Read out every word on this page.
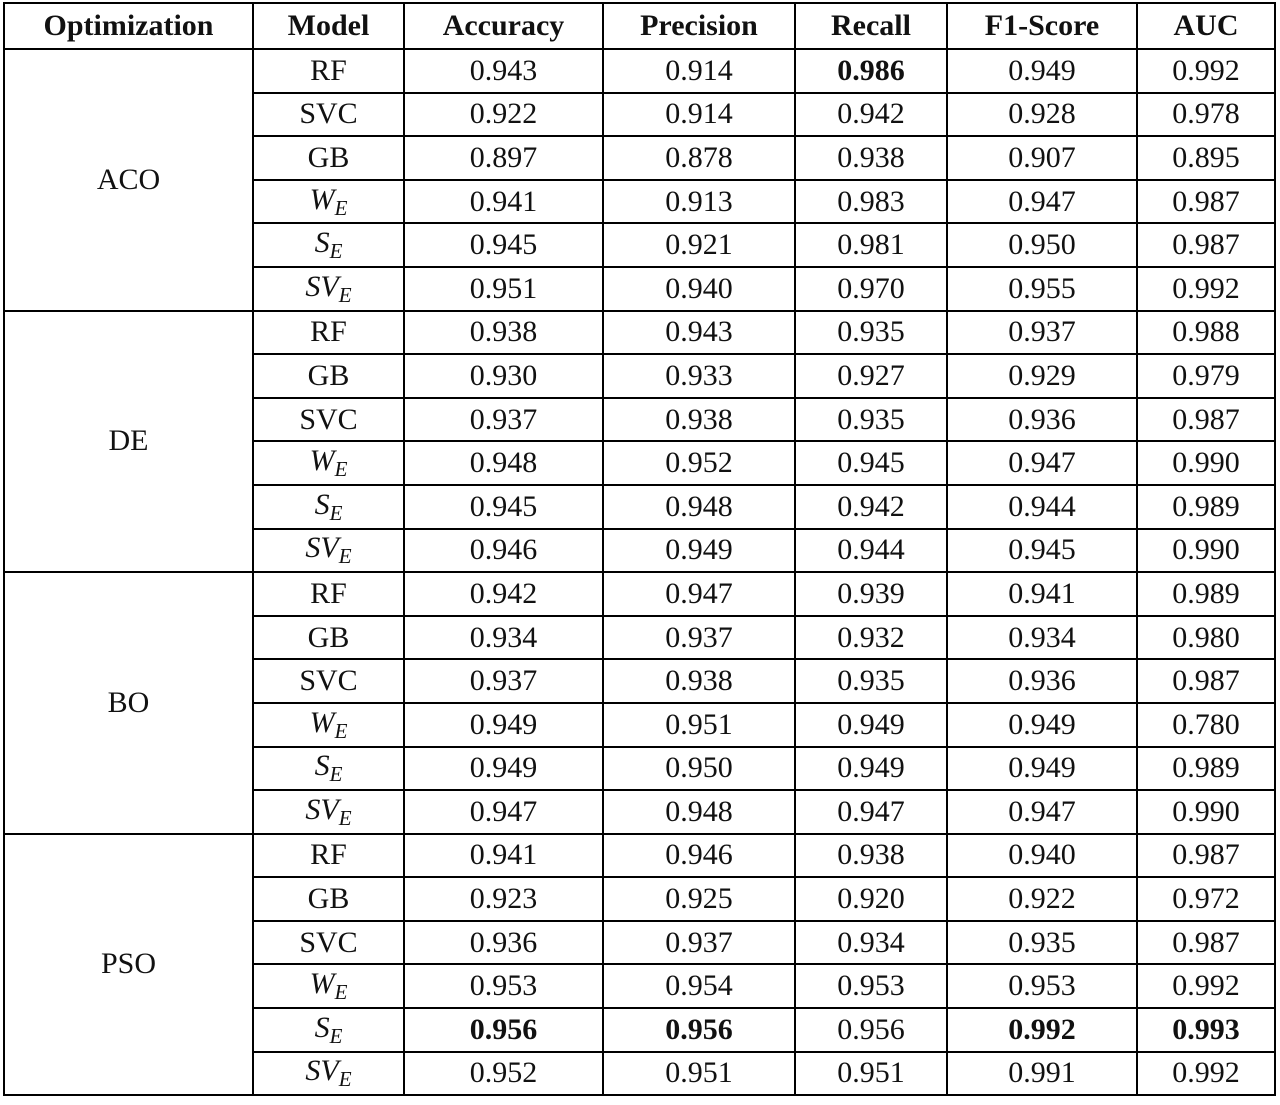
Optimization	Model	Accuracy	Precision	Recall	F1-Score	AUC
ACO	RF	0.943	0.914	0.986	0.949	0.992
	SVC	0.922	0.914	0.942	0.928	0.978
	GB	0.897	0.878	0.938	0.907	0.895
	$W_E$	0.941	0.913	0.983	0.947	0.987
	$S_E$	0.945	0.921	0.981	0.950	0.987
	$SV_E$	0.951	0.940	0.970	0.955	0.992
DE	RF	0.938	0.943	0.935	0.937	0.988
	GB	0.930	0.933	0.927	0.929	0.979
	SVC	0.937	0.938	0.935	0.936	0.987
	$W_E$	0.948	0.952	0.945	0.947	0.990
	$S_E$	0.945	0.948	0.942	0.944	0.989
	$SV_E$	0.946	0.949	0.944	0.945	0.990
BO	RF	0.942	0.947	0.939	0.941	0.989
	GB	0.934	0.937	0.932	0.934	0.980
	SVC	0.937	0.938	0.935	0.936	0.987
	$W_E$	0.949	0.951	0.949	0.949	0.780
	$S_E$	0.949	0.950	0.949	0.949	0.989
	$SV_E$	0.947	0.948	0.947	0.947	0.990
PSO	RF	0.941	0.946	0.938	0.940	0.987
	GB	0.923	0.925	0.920	0.922	0.972
	SVC	0.936	0.937	0.934	0.935	0.987
	$W_E$	0.953	0.954	0.953	0.953	0.992
	$S_E$	0.956	0.956	0.956	0.992	0.993
	$SV_E$	0.952	0.951	0.951	0.991	0.992
